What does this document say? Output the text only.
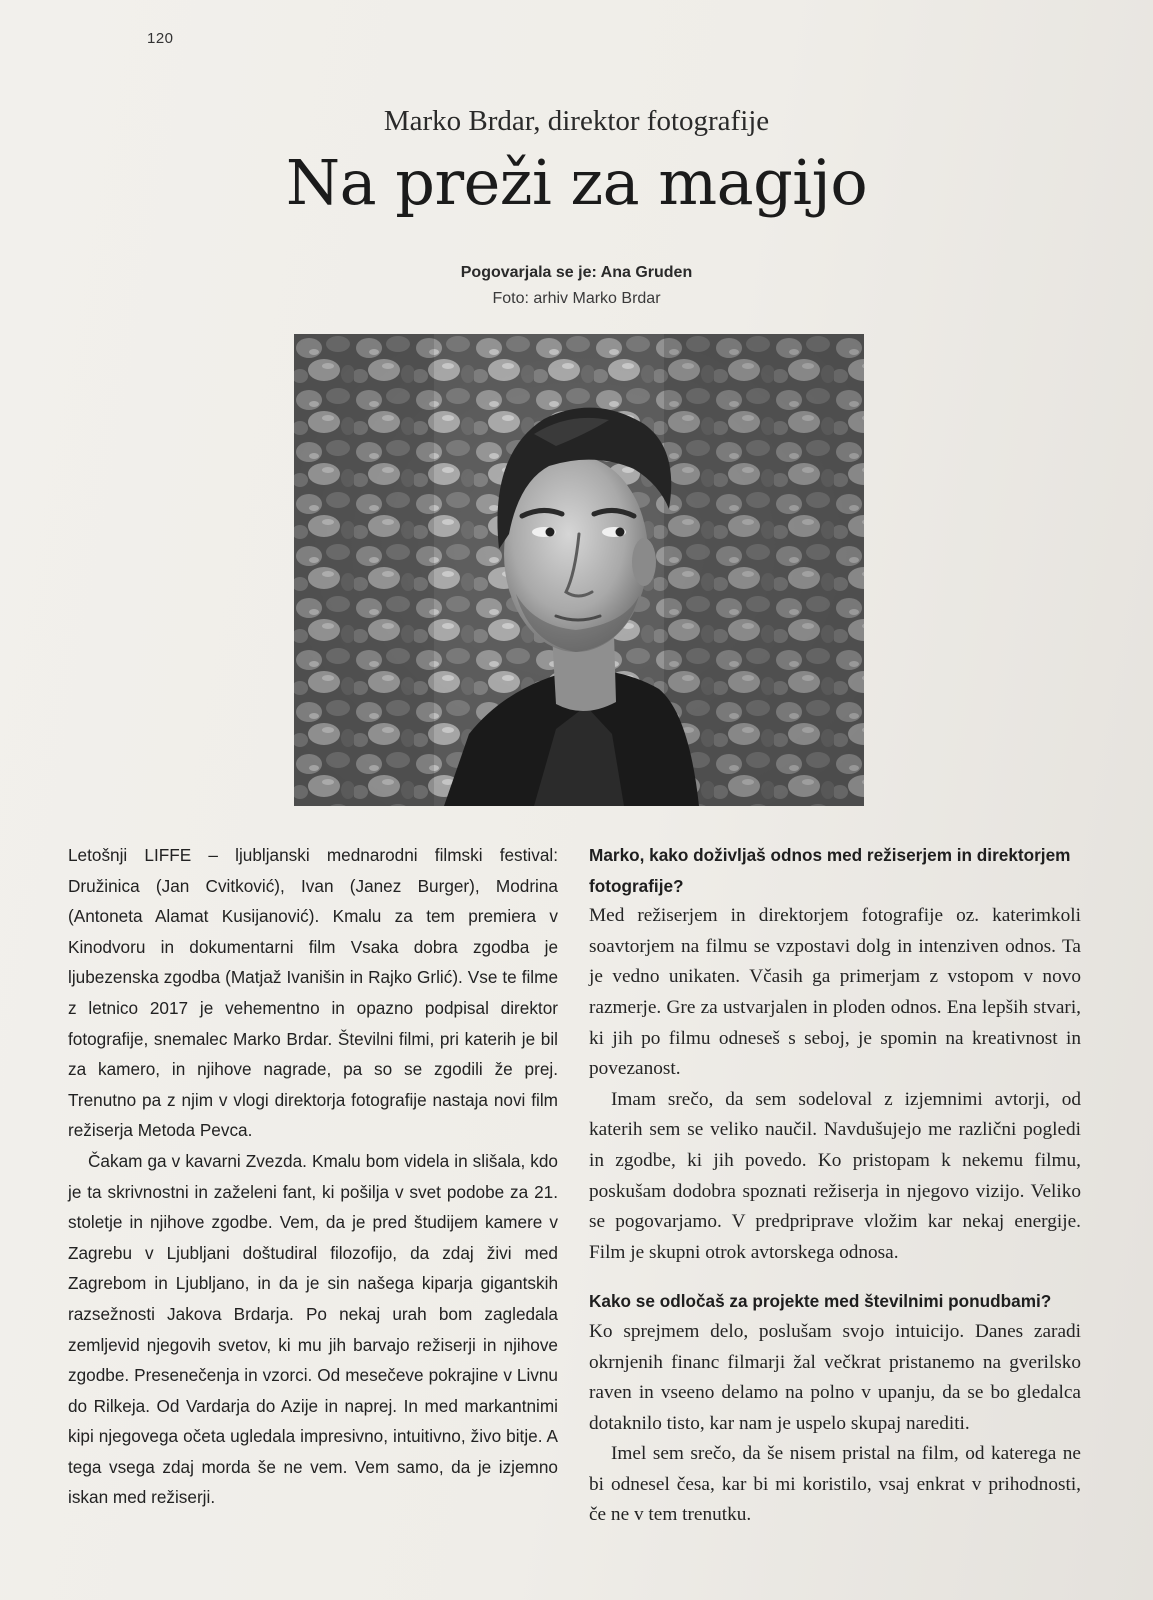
120

Marko Brdar, direktor fotografije

Na preži za magijo
Pogovarjala se je: Ana Gruden
Foto: arhiv Marko Brdar

Letošnji LIFFE – ljubljanski mednarodni filmski festival: Družinica (Jan Cvitković), Ivan (Janez Burger), Modrina (Antoneta Alamat Kusijanović). Kmalu za tem premiera v Kinodvoru in dokumentarni film Vsaka dobra zgodba je ljubezenska zgodba (Matjaž Ivanišin in Rajko Grlić). Vse te filme z letnico 2017 je vehementno in opazno podpisal direktor fotografije, snemalec Marko Brdar. Številni filmi, pri katerih je bil za kamero, in njihove nagrade, pa so se zgodili že prej. Trenutno pa z njim v vlogi direktorja fotografije nastaja novi film režiserja Metoda Pevca.

Čakam ga v kavarni Zvezda. Kmalu bom videla in slišala, kdo je ta skrivnostni in zaželeni fant, ki pošilja v svet podobe za 21. stoletje in njihove zgodbe. Vem, da je pred študijem kamere v Zagrebu v Ljubljani doštudiral filozofijo, da zdaj živi med Zagrebom in Ljubljano, in da je sin našega kiparja gigantskih razsežnosti Jakova Brdarja. Po nekaj urah bom zagledala zemljevid njegovih svetov, ki mu jih barvajo režiserji in njihove zgodbe. Presenečenja in vzorci. Od mesečeve pokrajine v Livnu do Rilkeja. Od Vardarja do Azije in naprej. In med markantnimi kipi njegovega očeta ugledala impresivno, intuitivno, živo bitje. A tega vsega zdaj morda še ne vem. Vem samo, da je izjemno iskan med režiserji.

Marko, kako doživljaš odnos med režiserjem in direktorjem fotografije?

Med režiserjem in direktorjem fotografije oz. katerimkoli soavtorjem na filmu se vzpostavi dolg in intenziven odnos. Ta je vedno unikaten. Včasih ga primerjam z vstopom v novo razmerje. Gre za ustvarjalen in ploden odnos. Ena lepših stvari, ki jih po filmu odneseš s seboj, je spomin na kreativnost in povezanost.

Imam srečo, da sem sodeloval z izjemnimi avtorji, od katerih sem se veliko naučil. Navdušujejo me različni pogledi in zgodbe, ki jih povedo. Ko pristopam k nekemu filmu, poskušam dodobra spoznati režiserja in njegovo vizijo. Veliko se pogovarjamo. V predpriprave vložim kar nekaj energije. Film je skupni otrok avtorskega odnosa.

Kako se odločaš za projekte med številnimi ponudbami?

Ko sprejmem delo, poslušam svojo intuicijo. Danes zaradi okrnjenih financ filmarji žal večkrat pristanemo na gverilsko raven in vseeno delamo na polno v upanju, da se bo gledalca dotaknilo tisto, kar nam je uspelo skupaj narediti.

Imel sem srečo, da še nisem pristal na film, od katerega ne bi odnesel česa, kar bi mi koristilo, vsaj enkrat v prihodnosti, če ne v tem trenutku.
